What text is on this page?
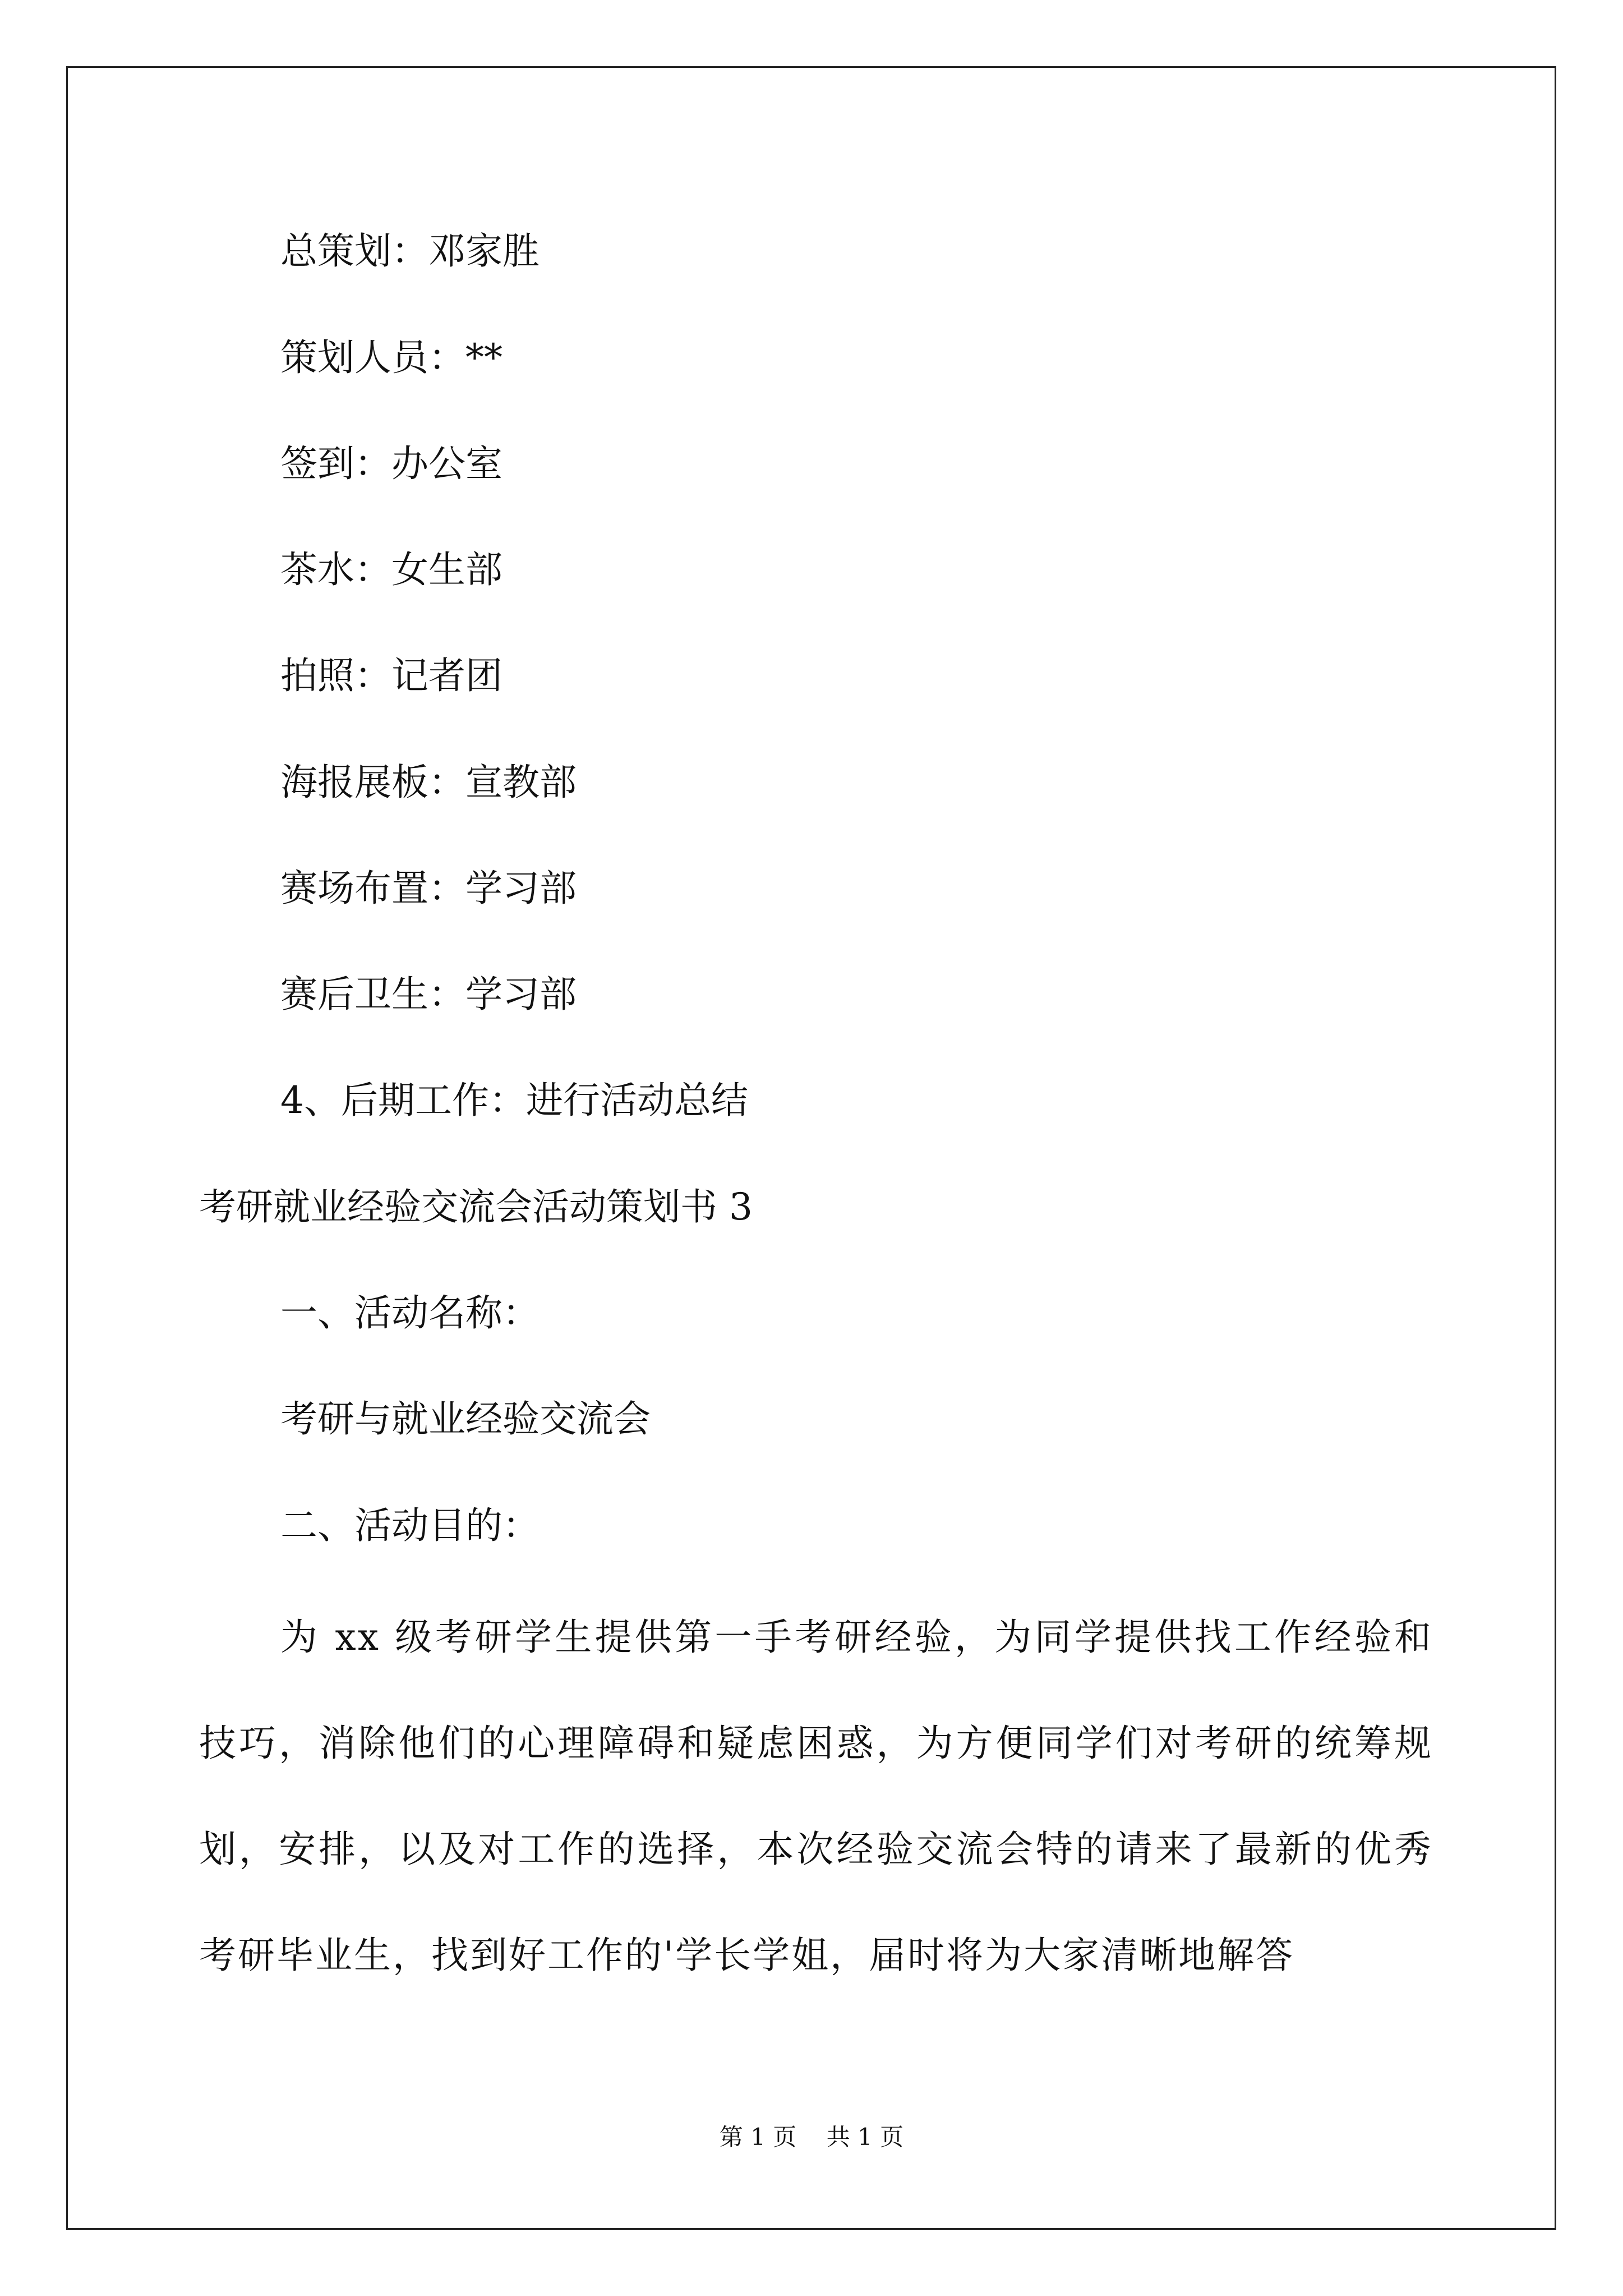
总策划：邓家胜
策划人员：**
签到：办公室
茶水：女生部
拍照：记者团
海报展板：宣教部
赛场布置：学习部
赛后卫生：学习部
4、后期工作：进行活动总结
考研就业经验交流会活动策划书 3
一、活动名称：
考研与就业经验交流会
二、活动目的：
为 xx 级考研学生提供第一手考研经验，为同学提供找工作经验和技巧，消除他们的心理障碍和疑虑困惑，为方便同学们对考研的统筹规划，安排，以及对工作的选择，本次经验交流会特的请来了最新的优秀考研毕业生，找到好工作的'学长学姐，届时将为大家清晰地解答
第 1 页    共 1 页
